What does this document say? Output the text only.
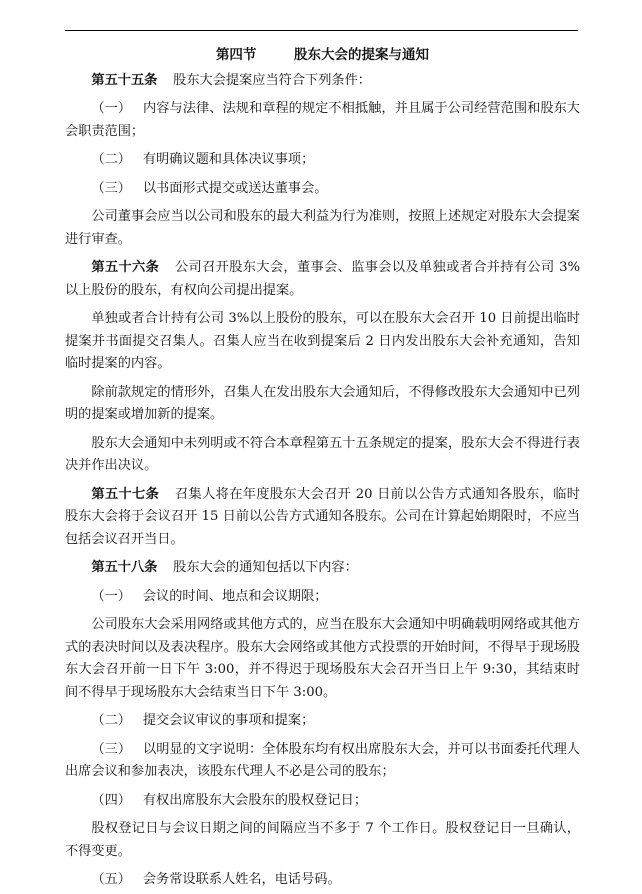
第四节	股东大会的提案与通知

第五十五条 股东大会提案应当符合下列条件：

（一） 内容与法律、法规和章程的规定不相抵触，并且属于公司经营范围和股东大会职责范围；

（二） 有明确议题和具体决议事项；

（三） 以书面形式提交或送达董事会。

公司董事会应当以公司和股东的最大利益为行为准则，按照上述规定对股东大会提案进行审查。

第五十六条 公司召开股东大会，董事会、监事会以及单独或者合并持有公司 3%以上股份的股东，有权向公司提出提案。

单独或者合计持有公司 3%以上股份的股东，可以在股东大会召开 10 日前提出临时提案并书面提交召集人。召集人应当在收到提案后 2 日内发出股东大会补充通知，告知临时提案的内容。

除前款规定的情形外，召集人在发出股东大会通知后，不得修改股东大会通知中已列明的提案或增加新的提案。

股东大会通知中未列明或不符合本章程第五十五条规定的提案，股东大会不得进行表决并作出决议。

第五十七条 召集人将在年度股东大会召开 20 日前以公告方式通知各股东，临时股东大会将于会议召开 15 日前以公告方式通知各股东。公司在计算起始期限时，不应当包括会议召开当日。

第五十八条 股东大会的通知包括以下内容：

（一） 会议的时间、地点和会议期限；

公司股东大会采用网络或其他方式的，应当在股东大会通知中明确载明网络或其他方式的表决时间以及表决程序。股东大会网络或其他方式投票的开始时间，不得早于现场股东大会召开前一日下午 3:00，并不得迟于现场股东大会召开当日上午 9:30，其结束时间不得早于现场股东大会结束当日下午 3:00。

（二） 提交会议审议的事项和提案；

（三） 以明显的文字说明：全体股东均有权出席股东大会，并可以书面委托代理人出席会议和参加表决，该股东代理人不必是公司的股东；

（四） 有权出席股东大会股东的股权登记日；

股权登记日与会议日期之间的间隔应当不多于 7 个工作日。股权登记日一旦确认，不得变更。

（五） 会务常设联系人姓名，电话号码。
